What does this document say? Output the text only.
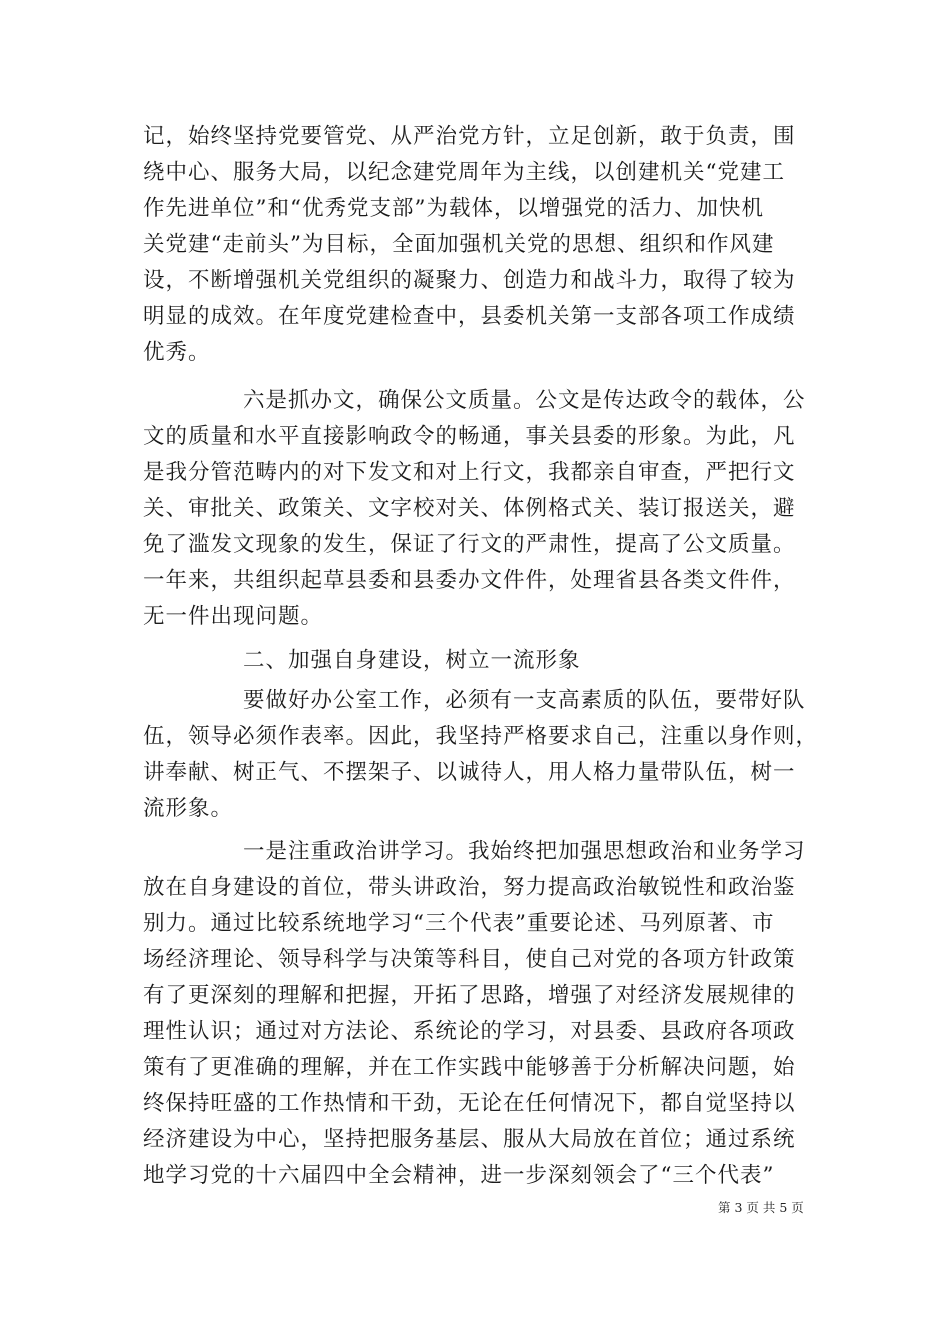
记，始终坚持党要管党、从严治党方针，立足创新，敢于负责，围
绕中心、服务大局，以纪念建党周年为主线，以创建机关“党建工
作先进单位”和“优秀党支部”为载体，以增强党的活力、加快机
关党建“走前头”为目标，全面加强机关党的思想、组织和作风建
设，不断增强机关党组织的凝聚力、创造力和战斗力，取得了较为
明显的成效。在年度党建检查中，县委机关第一支部各项工作成绩
优秀。
六是抓办文，确保公文质量。公文是传达政令的载体，公
文的质量和水平直接影响政令的畅通，事关县委的形象。为此，凡
是我分管范畴内的对下发文和对上行文，我都亲自审查，严把行文
关、审批关、政策关、文字校对关、体例格式关、装订报送关，避
免了滥发文现象的发生，保证了行文的严肃性，提高了公文质量。
一年来，共组织起草县委和县委办文件件，处理省县各类文件件，
无一件出现问题。
二、加强自身建设，树立一流形象
要做好办公室工作，必须有一支高素质的队伍，要带好队
伍，领导必须作表率。因此，我坚持严格要求自己，注重以身作则，
讲奉献、树正气、不摆架子、以诚待人，用人格力量带队伍，树一
流形象。
一是注重政治讲学习。我始终把加强思想政治和业务学习
放在自身建设的首位，带头讲政治，努力提高政治敏锐性和政治鉴
别力。通过比较系统地学习“三个代表”重要论述、马列原著、市
场经济理论、领导科学与决策等科目，使自己对党的各项方针政策
有了更深刻的理解和把握，开拓了思路，增强了对经济发展规律的
理性认识；通过对方法论、系统论的学习，对县委、县政府各项政
策有了更准确的理解，并在工作实践中能够善于分析解决问题，始
终保持旺盛的工作热情和干劲，无论在任何情况下，都自觉坚持以
经济建设为中心，坚持把服务基层、服从大局放在首位；通过系统
地学习党的十六届四中全会精神，进一步深刻领会了“三个代表”
第 3 页 共 5 页
